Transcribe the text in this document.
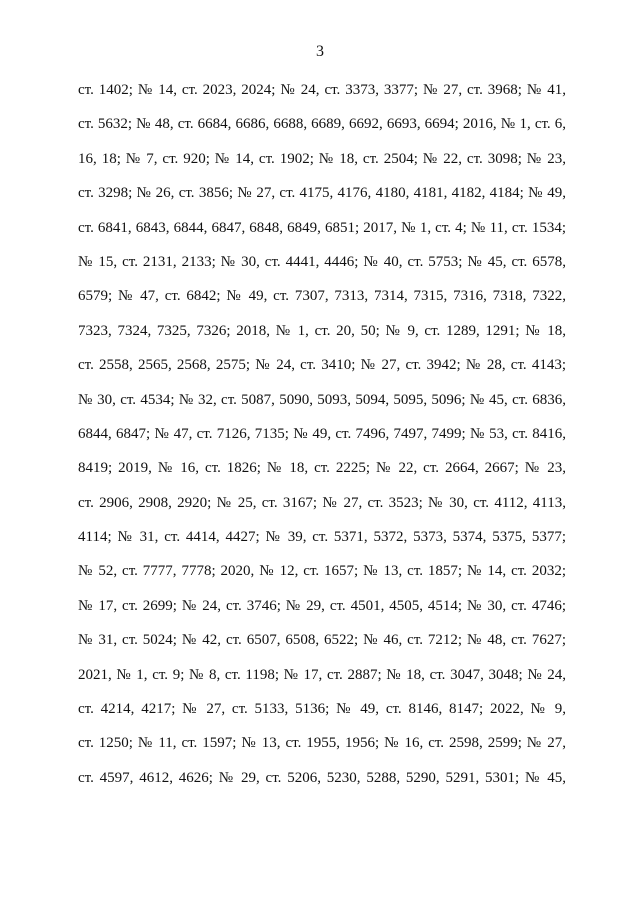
3
ст. 1402; № 14, ст. 2023, 2024; № 24, ст. 3373, 3377; № 27, ст. 3968; № 41,
ст. 5632; № 48, ст. 6684, 6686, 6688, 6689, 6692, 6693, 6694; 2016, № 1, ст. 6,
16, 18; № 7, ст. 920; № 14, ст. 1902; № 18, ст. 2504; № 22, ст. 3098; № 23,
ст. 3298; № 26, ст. 3856; № 27, ст. 4175, 4176, 4180, 4181, 4182, 4184; № 49,
ст. 6841, 6843, 6844, 6847, 6848, 6849, 6851; 2017, № 1, ст. 4; № 11, ст. 1534;
№ 15, ст. 2131, 2133; № 30, ст. 4441, 4446; № 40, ст. 5753; № 45, ст. 6578,
6579; № 47, ст. 6842; № 49, ст. 7307, 7313, 7314, 7315, 7316, 7318, 7322,
7323, 7324, 7325, 7326; 2018, № 1, ст. 20, 50; № 9, ст. 1289, 1291; № 18,
ст. 2558, 2565, 2568, 2575; № 24, ст. 3410; № 27, ст. 3942; № 28, ст. 4143;
№ 30, ст. 4534; № 32, ст. 5087, 5090, 5093, 5094, 5095, 5096; № 45, ст. 6836,
6844, 6847; № 47, ст. 7126, 7135; № 49, ст. 7496, 7497, 7499; № 53, ст. 8416,
8419; 2019, № 16, ст. 1826; № 18, ст. 2225; № 22, ст. 2664, 2667; № 23,
ст. 2906, 2908, 2920; № 25, ст. 3167; № 27, ст. 3523; № 30, ст. 4112, 4113,
4114; № 31, ст. 4414, 4427; № 39, ст. 5371, 5372, 5373, 5374, 5375, 5377;
№ 52, ст. 7777, 7778; 2020, № 12, ст. 1657; № 13, ст. 1857; № 14, ст. 2032;
№ 17, ст. 2699; № 24, ст. 3746; № 29, ст. 4501, 4505, 4514; № 30, ст. 4746;
№ 31, ст. 5024; № 42, ст. 6507, 6508, 6522; № 46, ст. 7212; № 48, ст. 7627;
2021, № 1, ст. 9; № 8, ст. 1198; № 17, ст. 2887; № 18, ст. 3047, 3048; № 24,
ст. 4214, 4217; № 27, ст. 5133, 5136; № 49, ст. 8146, 8147; 2022, № 9,
ст. 1250; № 11, ст. 1597; № 13, ст. 1955, 1956; № 16, ст. 2598, 2599; № 27,
ст. 4597, 4612, 4626; № 29, ст. 5206, 5230, 5288, 5290, 5291, 5301; № 45,
